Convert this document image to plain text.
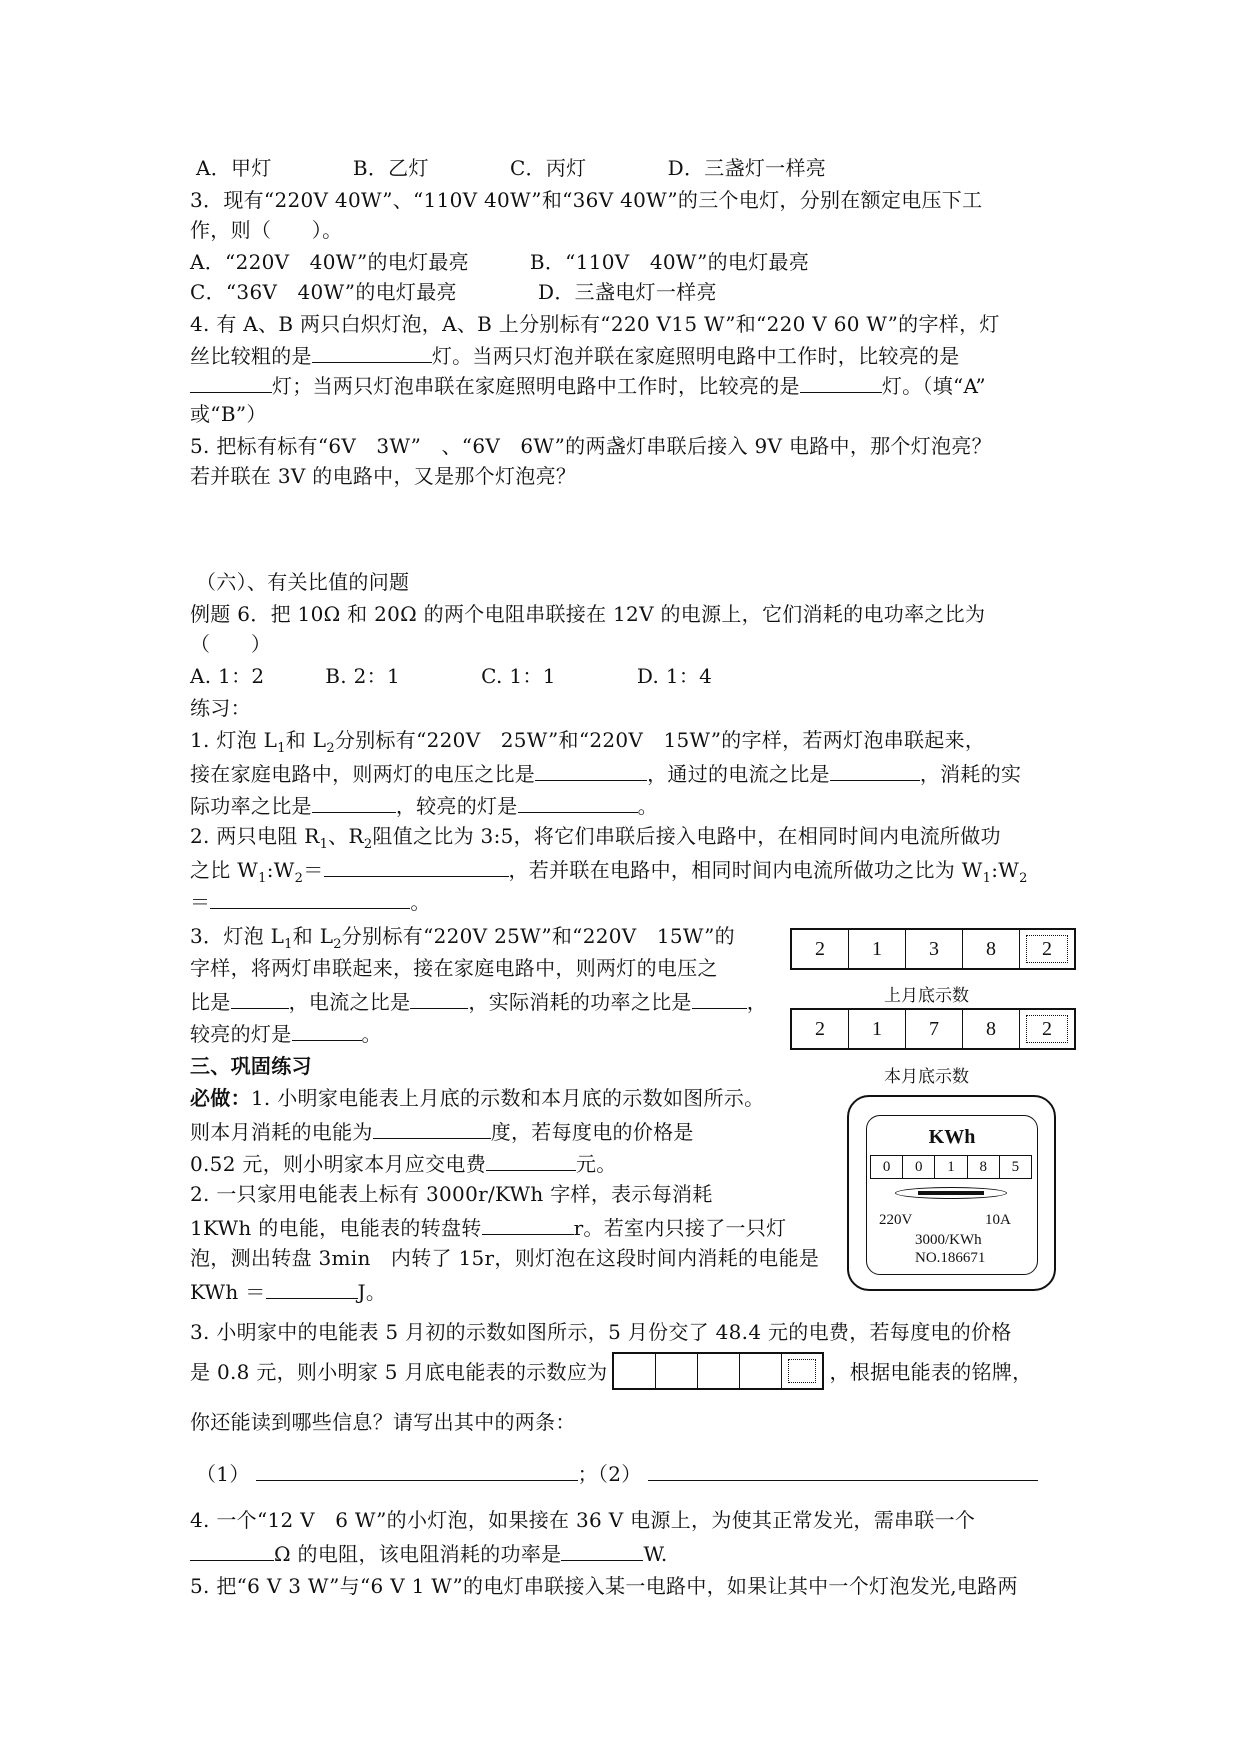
A．甲灯　　　　B．乙灯　　　　C．丙灯　　　　D．三盏灯一样亮
3．现有“220V 40W”、“110V 40W”和“36V 40W”的三个电灯，分别在额定电压下工
作，则（　　）。
A．“220V　40W”的电灯最亮　　　B．“110V　40W”的电灯最亮
C．“36V　40W”的电灯最亮　　　　D．三盏电灯一样亮
4. 有 A、B 两只白炽灯泡，A、B 上分别标有“220 V15 W”和“220 V 60 W”的字样，灯
丝比较粗的是	灯。当两只灯泡并联在家庭照明电路中工作时，比较亮的是
灯；当两只灯泡串联在家庭照明电路中工作时，比较亮的是	灯。（填“A”
或“B”）
5. 把标有标有“6V　3W”　、“6V　6W”的两盏灯串联后接入 9V 电路中，那个灯泡亮？
若并联在 3V 的电路中，又是那个灯泡亮？
（六）、有关比值的问题
例题 6．把 10Ω 和 20Ω 的两个电阻串联接在 12V 的电源上，它们消耗的电功率之比为
（　　）
A. 1：2　　　B. 2：1　　　　C. 1：1　　　　D. 1：4
练习：
1. 灯泡 $L_1$和 $L_2$分别标有“220V　25W”和“220V　15W”的字样，若两灯泡串联起来，
接在家庭电路中，则两灯的电压之比是	，通过的电流之比是	，消耗的实
际功率之比是	，较亮的灯是	。
2. 两只电阻 $R_1$、$R_2$阻值之比为 3:5，将它们串联后接入电路中，在相同时间内电流所做功
之比 $W_1:W_2=$	，若并联在电路中，相同时间内电流所做功之比为 $W_1:W_2$
＝	。
3．灯泡 $L_1$和 $L_2$分别标有“220V 25W”和“220V　15W”的
字样，将两灯串联起来，接在家庭电路中，则两灯的电压之
比是	，电流之比是	，实际消耗的功率之比是	，
较亮的灯是	。
2	1	3	8	2
上月底示数
2	1	7	8	2
本月底示数
三、巩固练习
必做：1. 小明家电能表上月底的示数和本月底的示数如图所示。
则本月消耗的电能为	度，若每度电的价格是
0.52 元，则小明家本月应交电费	元。
2. 一只家用电能表上标有 3000r/KWh 字样，表示每消耗
1KWh 的电能，电能表的转盘转	r。若室内只接了一只灯
泡，测出转盘 3min　内转了 15r，则灯泡在这段时间内消耗的电能是
KWh ＝	J。
KWh
0	0	1	8	5
220V	10A
3000/KWh
NO.186671
3. 小明家中的电能表 5 月初的示数如图所示，5 月份交了 48.4 元的电费，若每度电的价格
是 0.8 元，则小明家 5 月底电能表的示数应为	，根据电能表的铭牌，
你还能读到哪些信息？请写出其中的两条：
（1）	；（2）
4. 一个“12 V　6 W”的小灯泡，如果接在 36 V 电源上，为使其正常发光，需串联一个
Ω 的电阻，该电阻消耗的功率是	W.
5. 把“6 V 3 W”与“6 V 1 W”的电灯串联接入某一电路中，如果让其中一个灯泡发光,电路两
